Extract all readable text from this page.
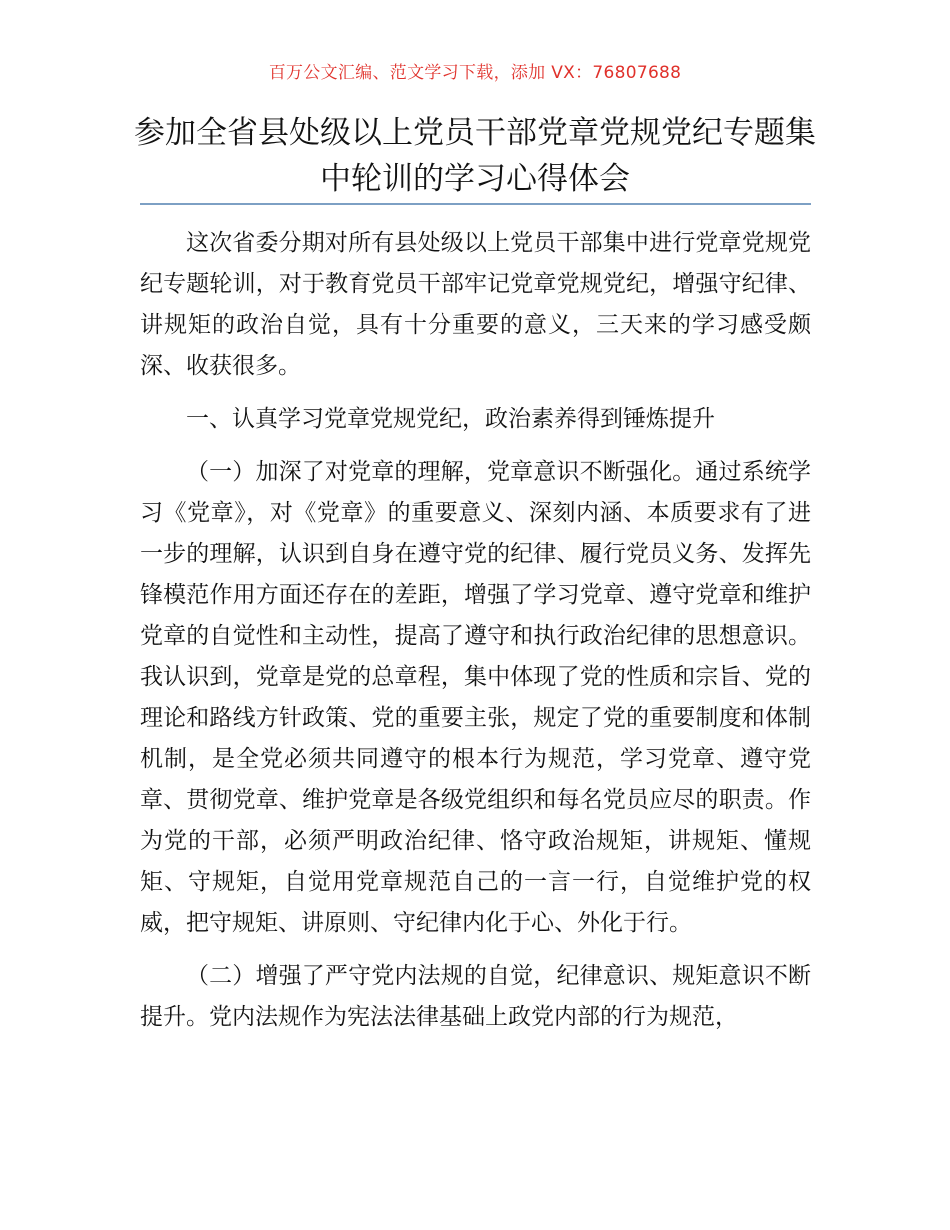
百万公文汇编、范文学习下载，添加 VX：76807688
参加全省县处级以上党员干部党章党规党纪专题集中轮训的学习心得体会

这次省委分期对所有县处级以上党员干部集中进行党章党规党纪专题轮训，对于教育党员干部牢记党章党规党纪，增强守纪律、讲规矩的政治自觉，具有十分重要的意义，三天来的学习感受颇深、收获很多。

一、认真学习党章党规党纪，政治素养得到锤炼提升

（一）加深了对党章的理解，党章意识不断强化。通过系统学习《党章》，对《党章》的重要意义、深刻内涵、本质要求有了进一步的理解，认识到自身在遵守党的纪律、履行党员义务、发挥先锋模范作用方面还存在的差距，增强了学习党章、遵守党章和维护党章的自觉性和主动性，提高了遵守和执行政治纪律的思想意识。我认识到，党章是党的总章程，集中体现了党的性质和宗旨、党的理论和路线方针政策、党的重要主张，规定了党的重要制度和体制机制，是全党必须共同遵守的根本行为规范，学习党章、遵守党章、贯彻党章、维护党章是各级党组织和每名党员应尽的职责。作为党的干部，必须严明政治纪律、恪守政治规矩，讲规矩、懂规矩、守规矩，自觉用党章规范自己的一言一行，自觉维护党的权威，把守规矩、讲原则、守纪律内化于心、外化于行。

（二）增强了严守党内法规的自觉，纪律意识、规矩意识不断提升。党内法规作为宪法法律基础上政党内部的行为规范，
